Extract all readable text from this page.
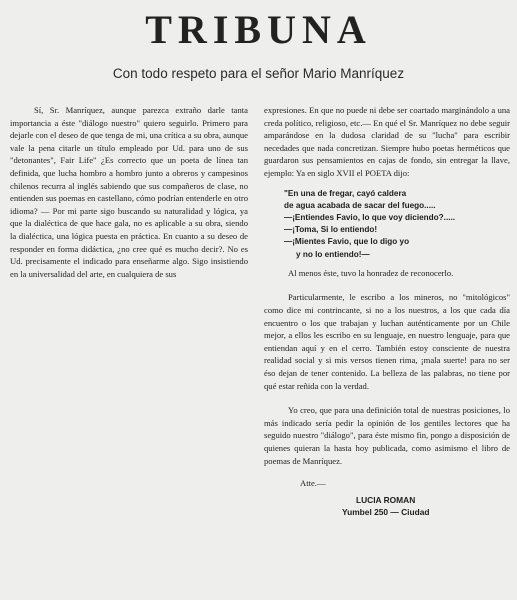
TRIBUNA
Con todo respeto para el señor Mario Manríquez

Sí, Sr. Manríquez, aunque parezca extraño darle tanta importancia a éste "diálogo nuestro" quiero seguirlo. Primero para dejarle con el deseo de que tenga de mi, una crítica a su obra, aunque vale la pena citarle un título empleado por Ud. para uno de sus "detonantes", Fair Life" ¿Es correcto que un poeta de línea tan definida, que lucha hombro a hombro junto a obreros y campesinos chilenos recurra al inglés sabiendo que sus compañeros de clase, no entienden sus poemas en castellano, cómo podrían entenderle en otro idioma? — Por mi parte sigo buscando su naturalidad y lógica, ya que la dialéctica de que hace gala, no es aplicable a su obra, siendo la dialéctica, una lógica puesta en práctica. En cuanto a su deseo de responder en forma didáctica, ¿no cree qué es mucho decir?. No es Ud. precisamente el indicado para enseñarme algo. Sigo insistiendo en la universalidad del arte, en cualquiera de sus

expresiones. En que no puede ni debe ser coartado marginándolo a una creda político, religioso, etc.— En qué el Sr. Manríquez no debe seguir amparándose en la dudosa claridad de su "lucha" para escribir necedades que nada concretizan. Siempre hubo poetas herméticos que guardaron sus pensamientos en cajas de fondo, sin entregar la llave, ejemplo: Ya en siglo XVII el POETA dijo:

"En una de fregar, cayó caldera
de agua acabada de sacar del fuego.....
—¡Entiendes Favio, lo que voy diciendo?.....
—¡Toma, Si lo entiendo!
—¡Mientes Favio, que lo digo yo
y no lo entiendo!—

Al menos éste, tuvo la honradez de reconocerlo.

Particularmente, le escribo a los mineros, no "mitológicos" como dice mi contrincante, si no a los nuestros, a los que cada día encuentro o los que trabajan y luchan auténticamente por un Chile mejor, a ellos les escribo en su lenguaje, en nuestro lenguaje, para que entiendan aquí y en el cerro. También estoy consciente de nuestra realidad social y si mis versos tienen rima, ¡mala suerte! para no ser éso dejan de tener contenido. La belleza de las palabras, no tiene por qué estar reñida con la verdad.

Yo creo, que para una definición total de nuestras posiciones, lo más indicado sería pedir la opinión de los gentiles lectores que ha seguido nuestro "diálogo", para éste mismo fin, pongo a disposición de quienes quieran la hasta hoy publicada, como asimismo el libro de poemas de Manríquez.

Atte.—
LUCIA ROMAN
Yumbel 250 — Ciudad
